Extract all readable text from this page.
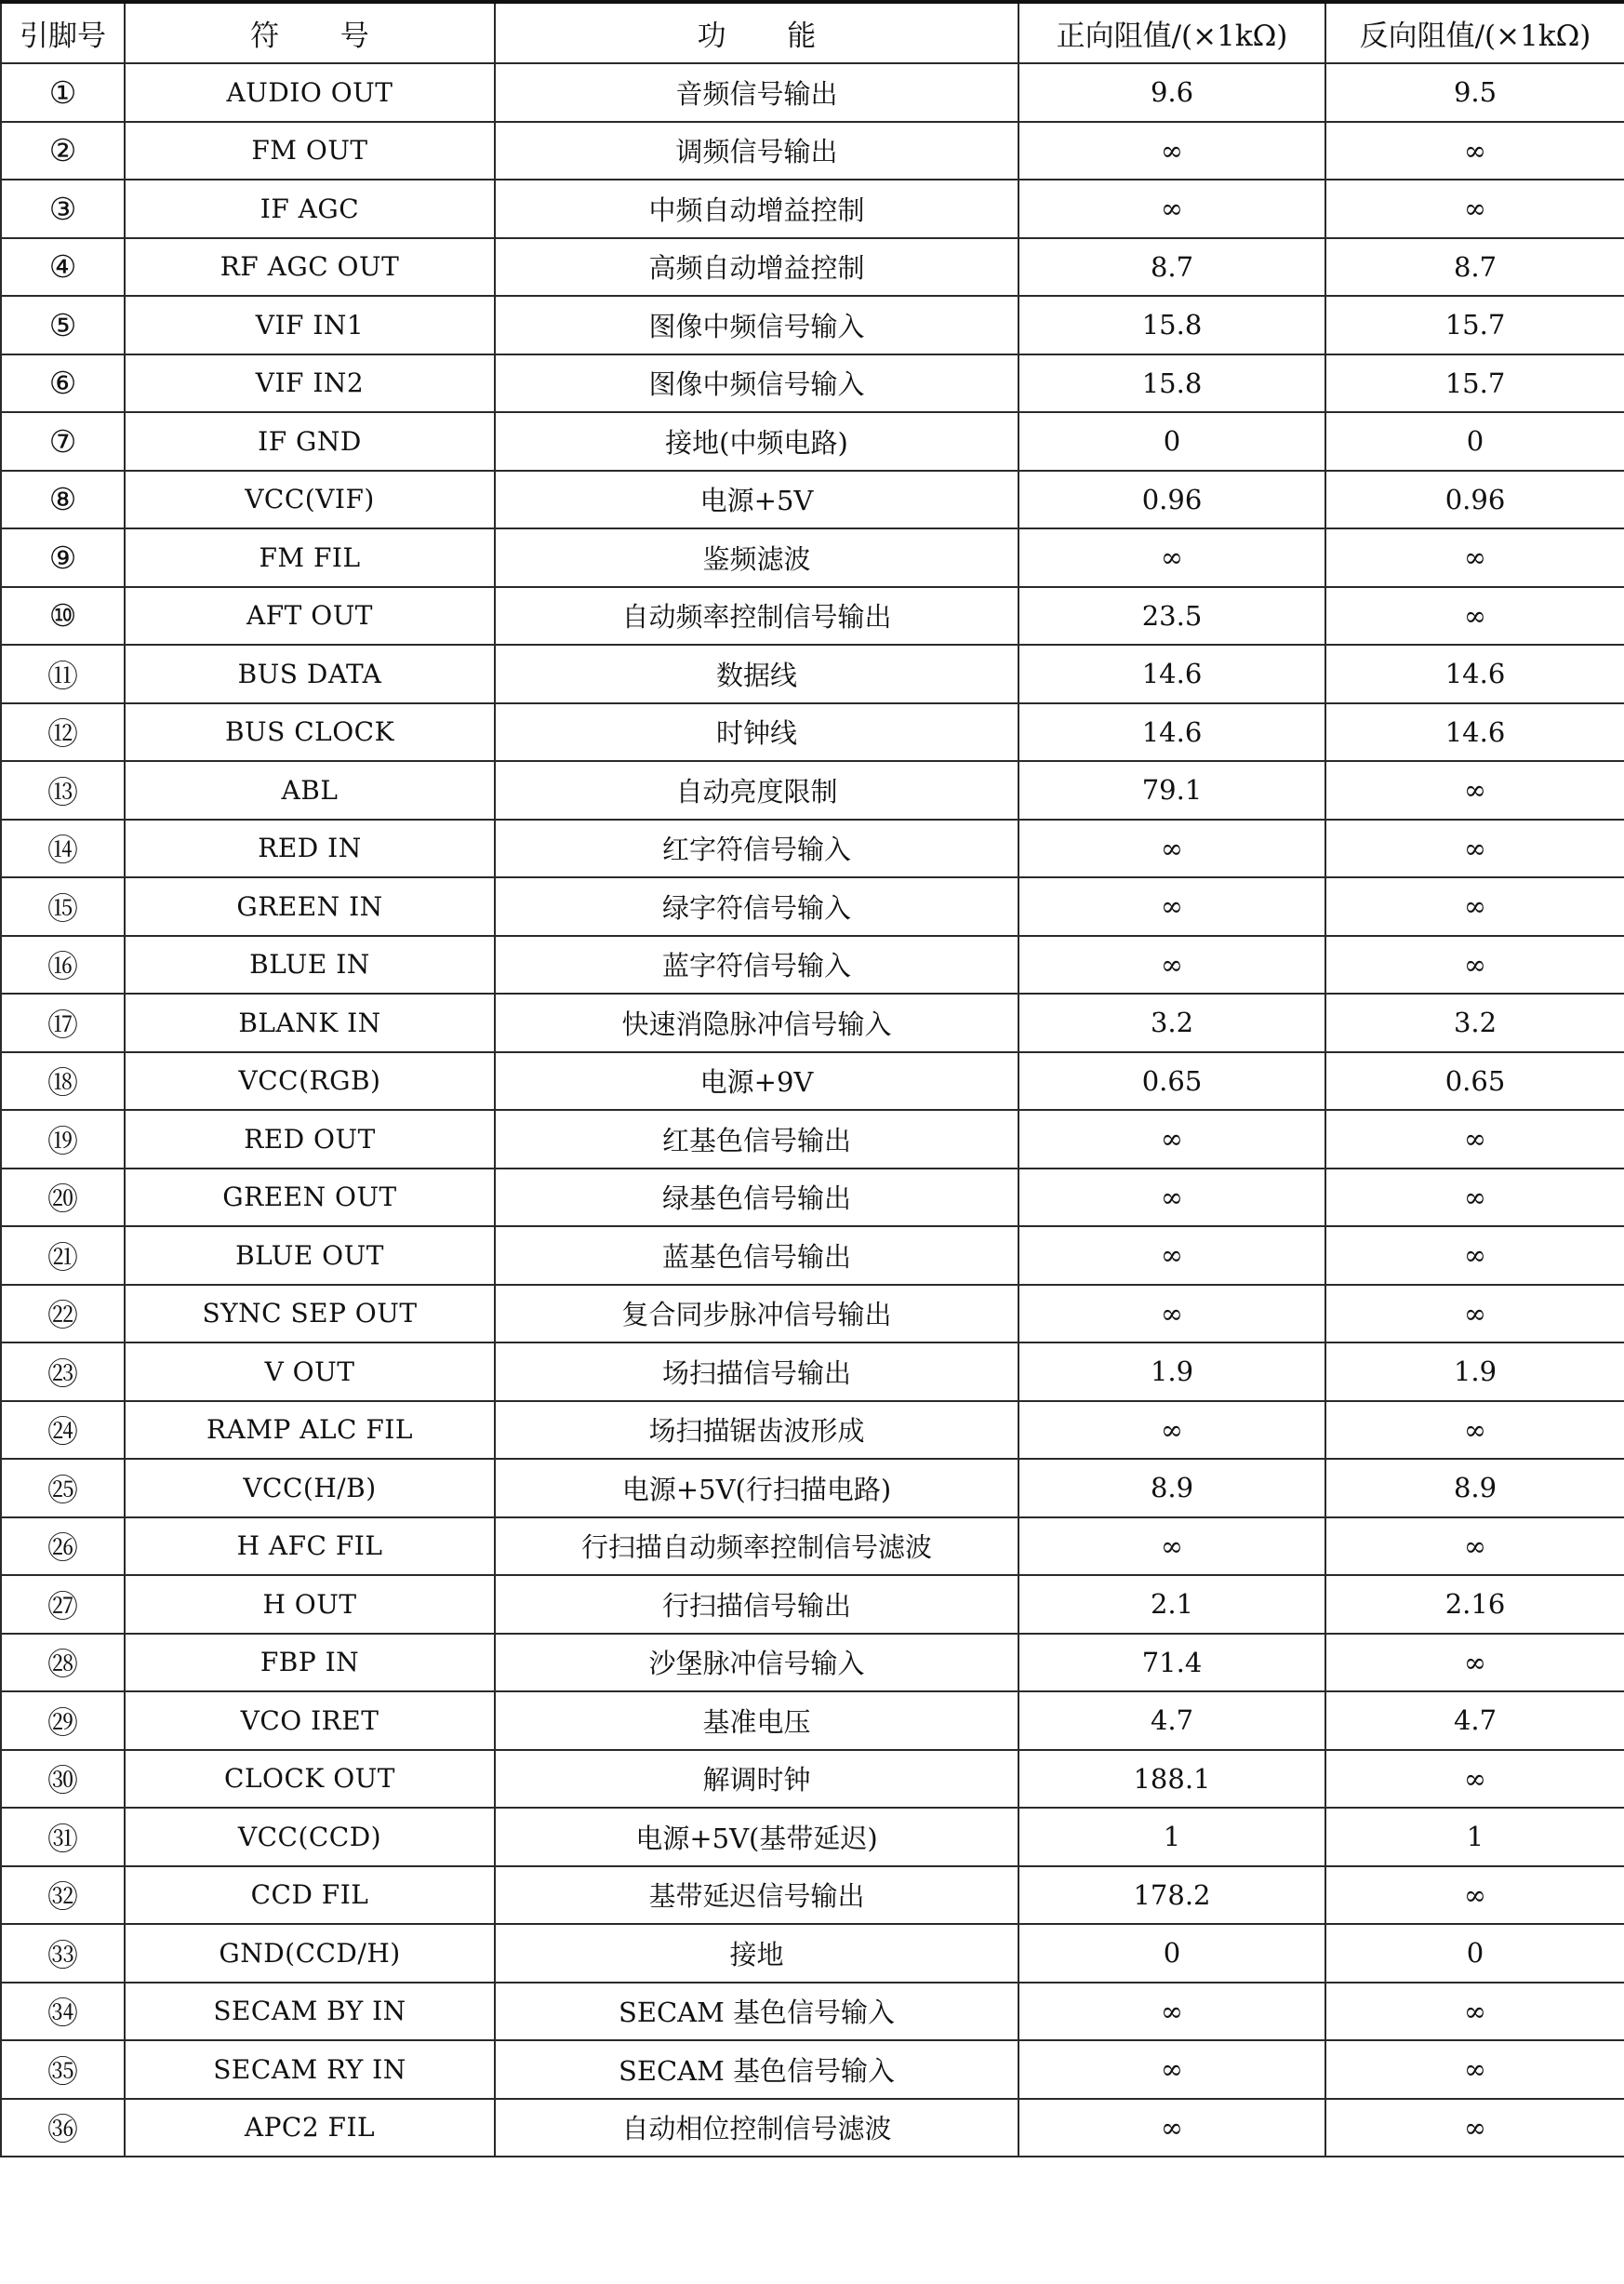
引脚号	符 号	功 能	正向阻值/(×1kΩ)	反向阻值/(×1kΩ)
①	AUDIO OUT	音频信号输出	9.6	9.5
②	FM OUT	调频信号输出	∞	∞
③	IF AGC	中频自动增益控制	∞	∞
④	RF AGC OUT	高频自动增益控制	8.7	8.7
⑤	VIF IN1	图像中频信号输入	15.8	15.7
⑥	VIF IN2	图像中频信号输入	15.8	15.7
⑦	IF GND	接地(中频电路)	0	0
⑧	VCC(VIF)	电源+5V	0.96	0.96
⑨	FM FIL	鉴频滤波	∞	∞
⑩	AFT OUT	自动频率控制信号输出	23.5	∞
⑪	BUS DATA	数据线	14.6	14.6
⑫	BUS CLOCK	时钟线	14.6	14.6
⑬	ABL	自动亮度限制	79.1	∞
⑭	RED IN	红字符信号输入	∞	∞
⑮	GREEN IN	绿字符信号输入	∞	∞
⑯	BLUE IN	蓝字符信号输入	∞	∞
⑰	BLANK IN	快速消隐脉冲信号输入	3.2	3.2
⑱	VCC(RGB)	电源+9V	0.65	0.65
⑲	RED OUT	红基色信号输出	∞	∞
⑳	GREEN OUT	绿基色信号输出	∞	∞
㉑	BLUE OUT	蓝基色信号输出	∞	∞
㉒	SYNC SEP OUT	复合同步脉冲信号输出	∞	∞
㉓	V OUT	场扫描信号输出	1.9	1.9
㉔	RAMP ALC FIL	场扫描锯齿波形成	∞	∞
㉕	VCC(H/B)	电源+5V(行扫描电路)	8.9	8.9
㉖	H AFC FIL	行扫描自动频率控制信号滤波	∞	∞
㉗	H OUT	行扫描信号输出	2.1	2.16
㉘	FBP IN	沙堡脉冲信号输入	71.4	∞
㉙	VCO IRET	基准电压	4.7	4.7
㉚	CLOCK OUT	解调时钟	188.1	∞
㉛	VCC(CCD)	电源+5V(基带延迟)	1	1
㉜	CCD FIL	基带延迟信号输出	178.2	∞
㉝	GND(CCD/H)	接地	0	0
㉞	SECAM BY IN	SECAM 基色信号输入	∞	∞
㉟	SECAM RY IN	SECAM 基色信号输入	∞	∞
㊱	APC2 FIL	自动相位控制信号滤波	∞	∞
